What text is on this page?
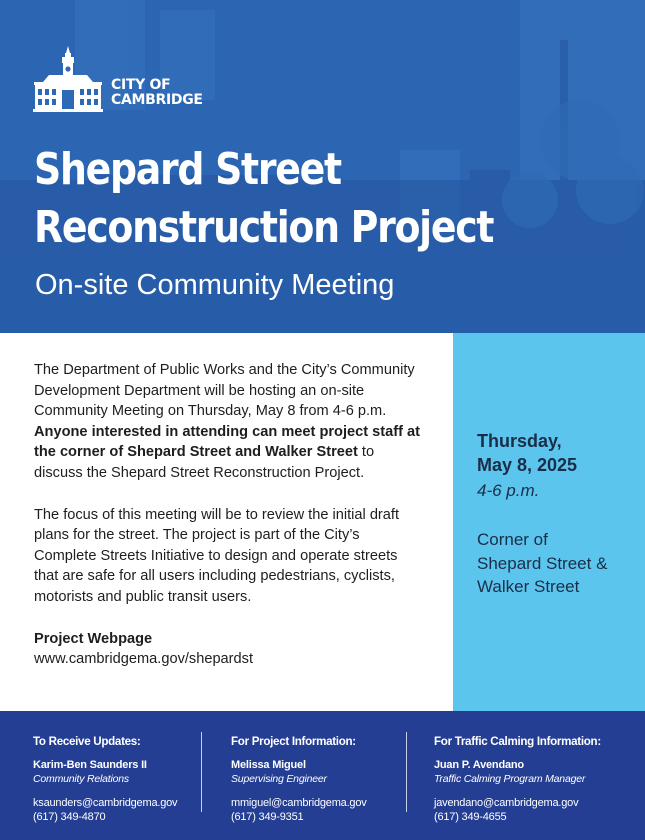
CITY OF
CAMBRIDGE
Shepard Street
Reconstruction Project
On-site Community Meeting

The Department of Public Works and the City’s Community Development Department will be hosting an on-site Community Meeting on Thursday, May 8 from 4-6 p.m. Anyone interested in attending can meet project staff at the corner of Shepard Street and Walker Street to discuss the Shepard Street Reconstruction Project.

The focus of this meeting will be to review the initial draft plans for the street. The project is part of the City’s Complete Streets Initiative to design and operate streets that are safe for all users including pedestrians, cyclists, motorists and public transit users.

Project Webpage
www.cambridgema.gov/shepardst
Thursday,
May 8, 2025
4-6 p.m.
Corner of
Shepard Street &
Walker Street
To Receive Updates:
Karim-Ben Saunders II
Community Relations
ksaunders@cambridgema.gov
(617) 349-4870
For Project Information:
Melissa Miguel
Supervising Engineer
mmiguel@cambridgema.gov
(617) 349-9351
For Traffic Calming Information:
Juan P. Avendano
Traffic Calming Program Manager
javendano@cambridgema.gov
(617) 349-4655
